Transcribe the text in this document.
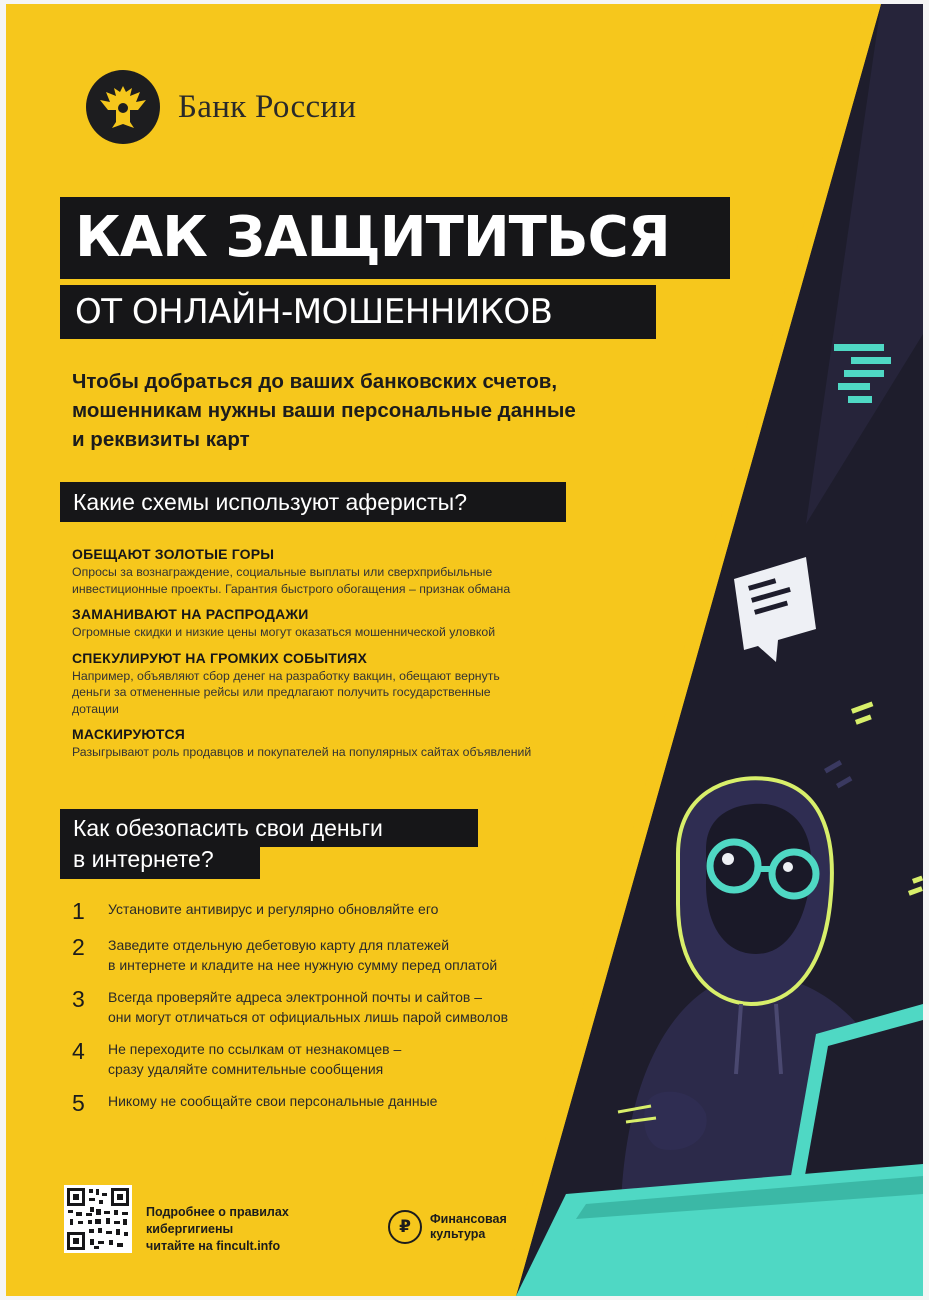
Банк России
КАК ЗАЩИТИТЬСЯ
ОТ ОНЛАЙН-МОШЕННИКОВ
Чтобы добраться до ваших банковских счетов,
мошенникам нужны ваши персональные данные
и реквизиты карт
Какие схемы используют аферисты?
ОБЕЩАЮТ ЗОЛОТЫЕ ГОРЫ
Опросы за вознаграждение, социальные выплаты или сверхприбыльные
инвестиционные проекты. Гарантия быстрого обогащения – признак обмана
ЗАМАНИВАЮТ НА РАСПРОДАЖИ
Огромные скидки и низкие цены могут оказаться мошеннической уловкой
СПЕКУЛИРУЮТ НА ГРОМКИХ СОБЫТИЯХ
Например, объявляют сбор денег на разработку вакцин, обещают вернуть
деньги за отмененные рейсы или предлагают получить государственные
дотации
МАСКИРУЮТСЯ
Разыгрывают роль продавцов и покупателей на популярных сайтах объявлений
Как обезопасить свои деньги
в интернете?
1	Установите антивирус и регулярно обновляйте его
2	Заведите отдельную дебетовую карту для платежей
в интернете и кладите на нее нужную сумму перед оплатой
3	Всегда проверяйте адреса электронной почты и сайтов –
они могут отличаться от официальных лишь парой символов
4	Не переходите по ссылкам от незнакомцев –
сразу удаляйте сомнительные сообщения
5	Никому не сообщайте свои персональные данные
Подробнее о правилах
кибергигиены
читайте на fincult.info
₽	Финансовая
культура
